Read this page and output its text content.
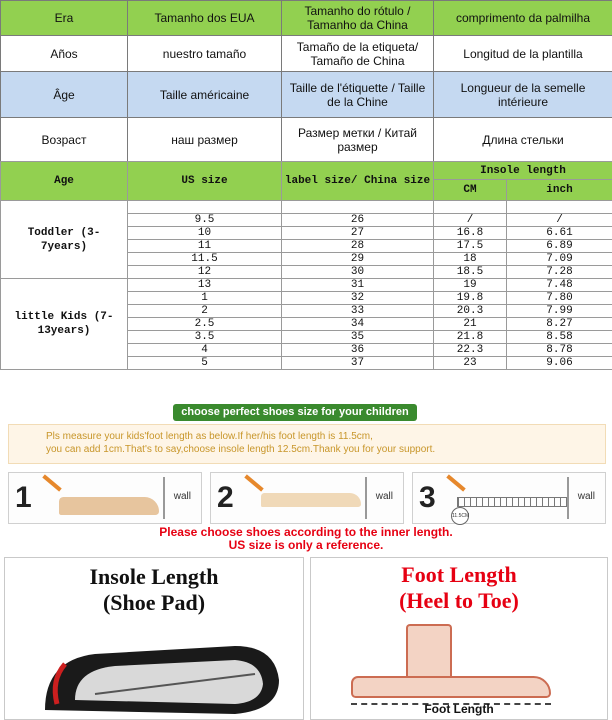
Era	Tamanho dos EUA	Tamanho do rótulo / Tamanho da China	comprimento da palmilha
Años	nuestro tamaño	Tamaño de la etiqueta/ Tamaño de China	Longitud de la plantilla
Âge	Taille américaine	Taille de l'étiquette / Taille de la Chine	Longueur de la semelle intérieure
Возраст	наш размер	Размер метки / Китай размер	Длина стельки
Age	US size	label size/ China size	Insole length	
			CM	inch
Toddler (3-7years)				
	9.5	26	/	/
	10	27	16.8	6.61
	11	28	17.5	6.89
	11.5	29	18	7.09
	12	30	18.5	7.28
little Kids (7-13years)	13	31	19	7.48
	1	32	19.8	7.80
	2	33	20.3	7.99
	2.5	34	21	8.27
	3.5	35	21.8	8.58
	4	36	22.3	8.78
	5	37	23	9.06
choose perfect shoes size for your children
Pls measure your kids'foot length as below.If her/his foot length is 11.5cm,
you can add 1cm.That's to say,choose insole length 12.5cm.Thank you for your support.
1	wall 2	wall 3
11.5CM
wall
Please choose shoes according to the inner length.
US size is only a reference.
Insole Length
(Shoe Pad)
Foot Length
(Heel to Toe)
Foot Length
